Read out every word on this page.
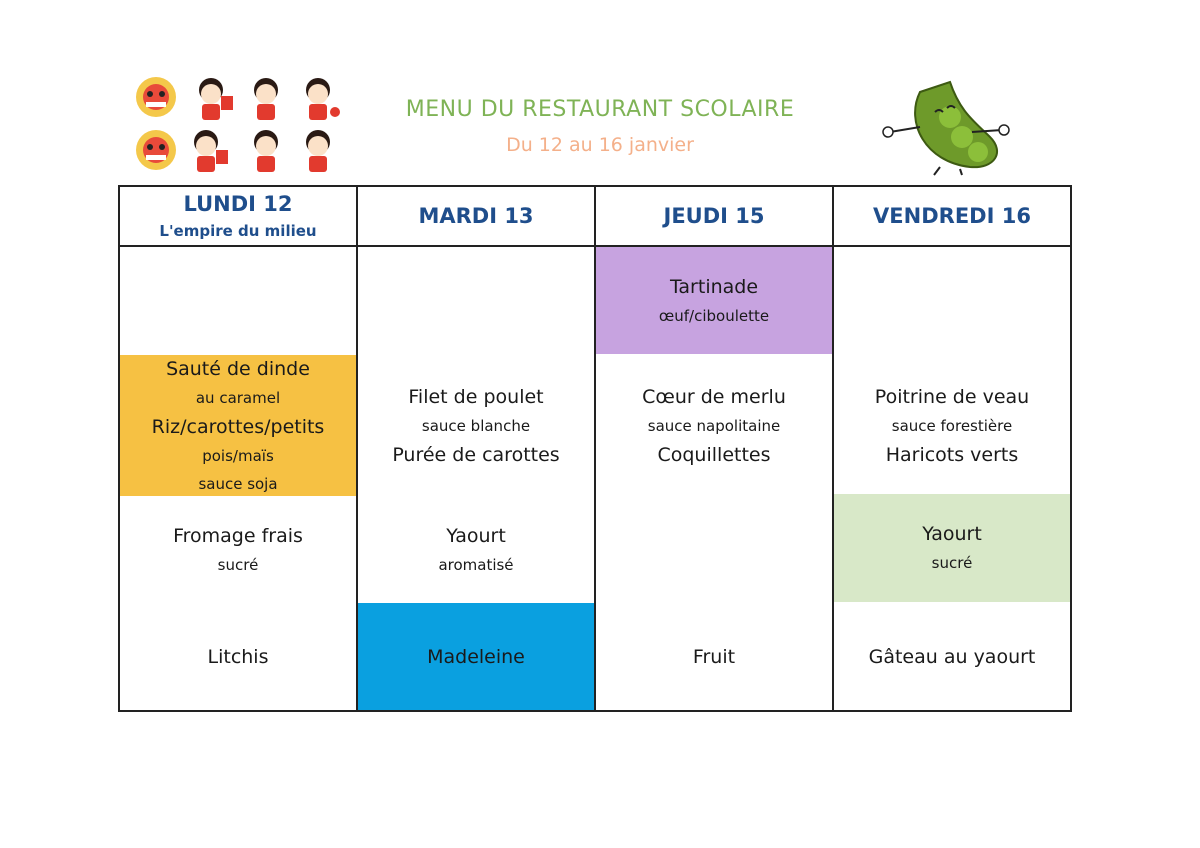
MENU DU RESTAURANT SCOLAIRE
Du 12 au 16 janvier
LUNDI 12
L'empire du milieu
Sauté de dinde
au caramel
Riz/carottes/petits
pois/maïs
sauce soja
Fromage frais
sucré
Litchis
MARDI 13
Filet de poulet
sauce blanche
Purée de carottes
Yaourt
aromatisé
Madeleine
JEUDI 15
Tartinade
œuf/ciboulette
Cœur de merlu
sauce napolitaine
Coquillettes
Fruit
VENDREDI 16
Poitrine de veau
sauce forestière
Haricots verts
Yaourt
sucré
Gâteau au yaourt
